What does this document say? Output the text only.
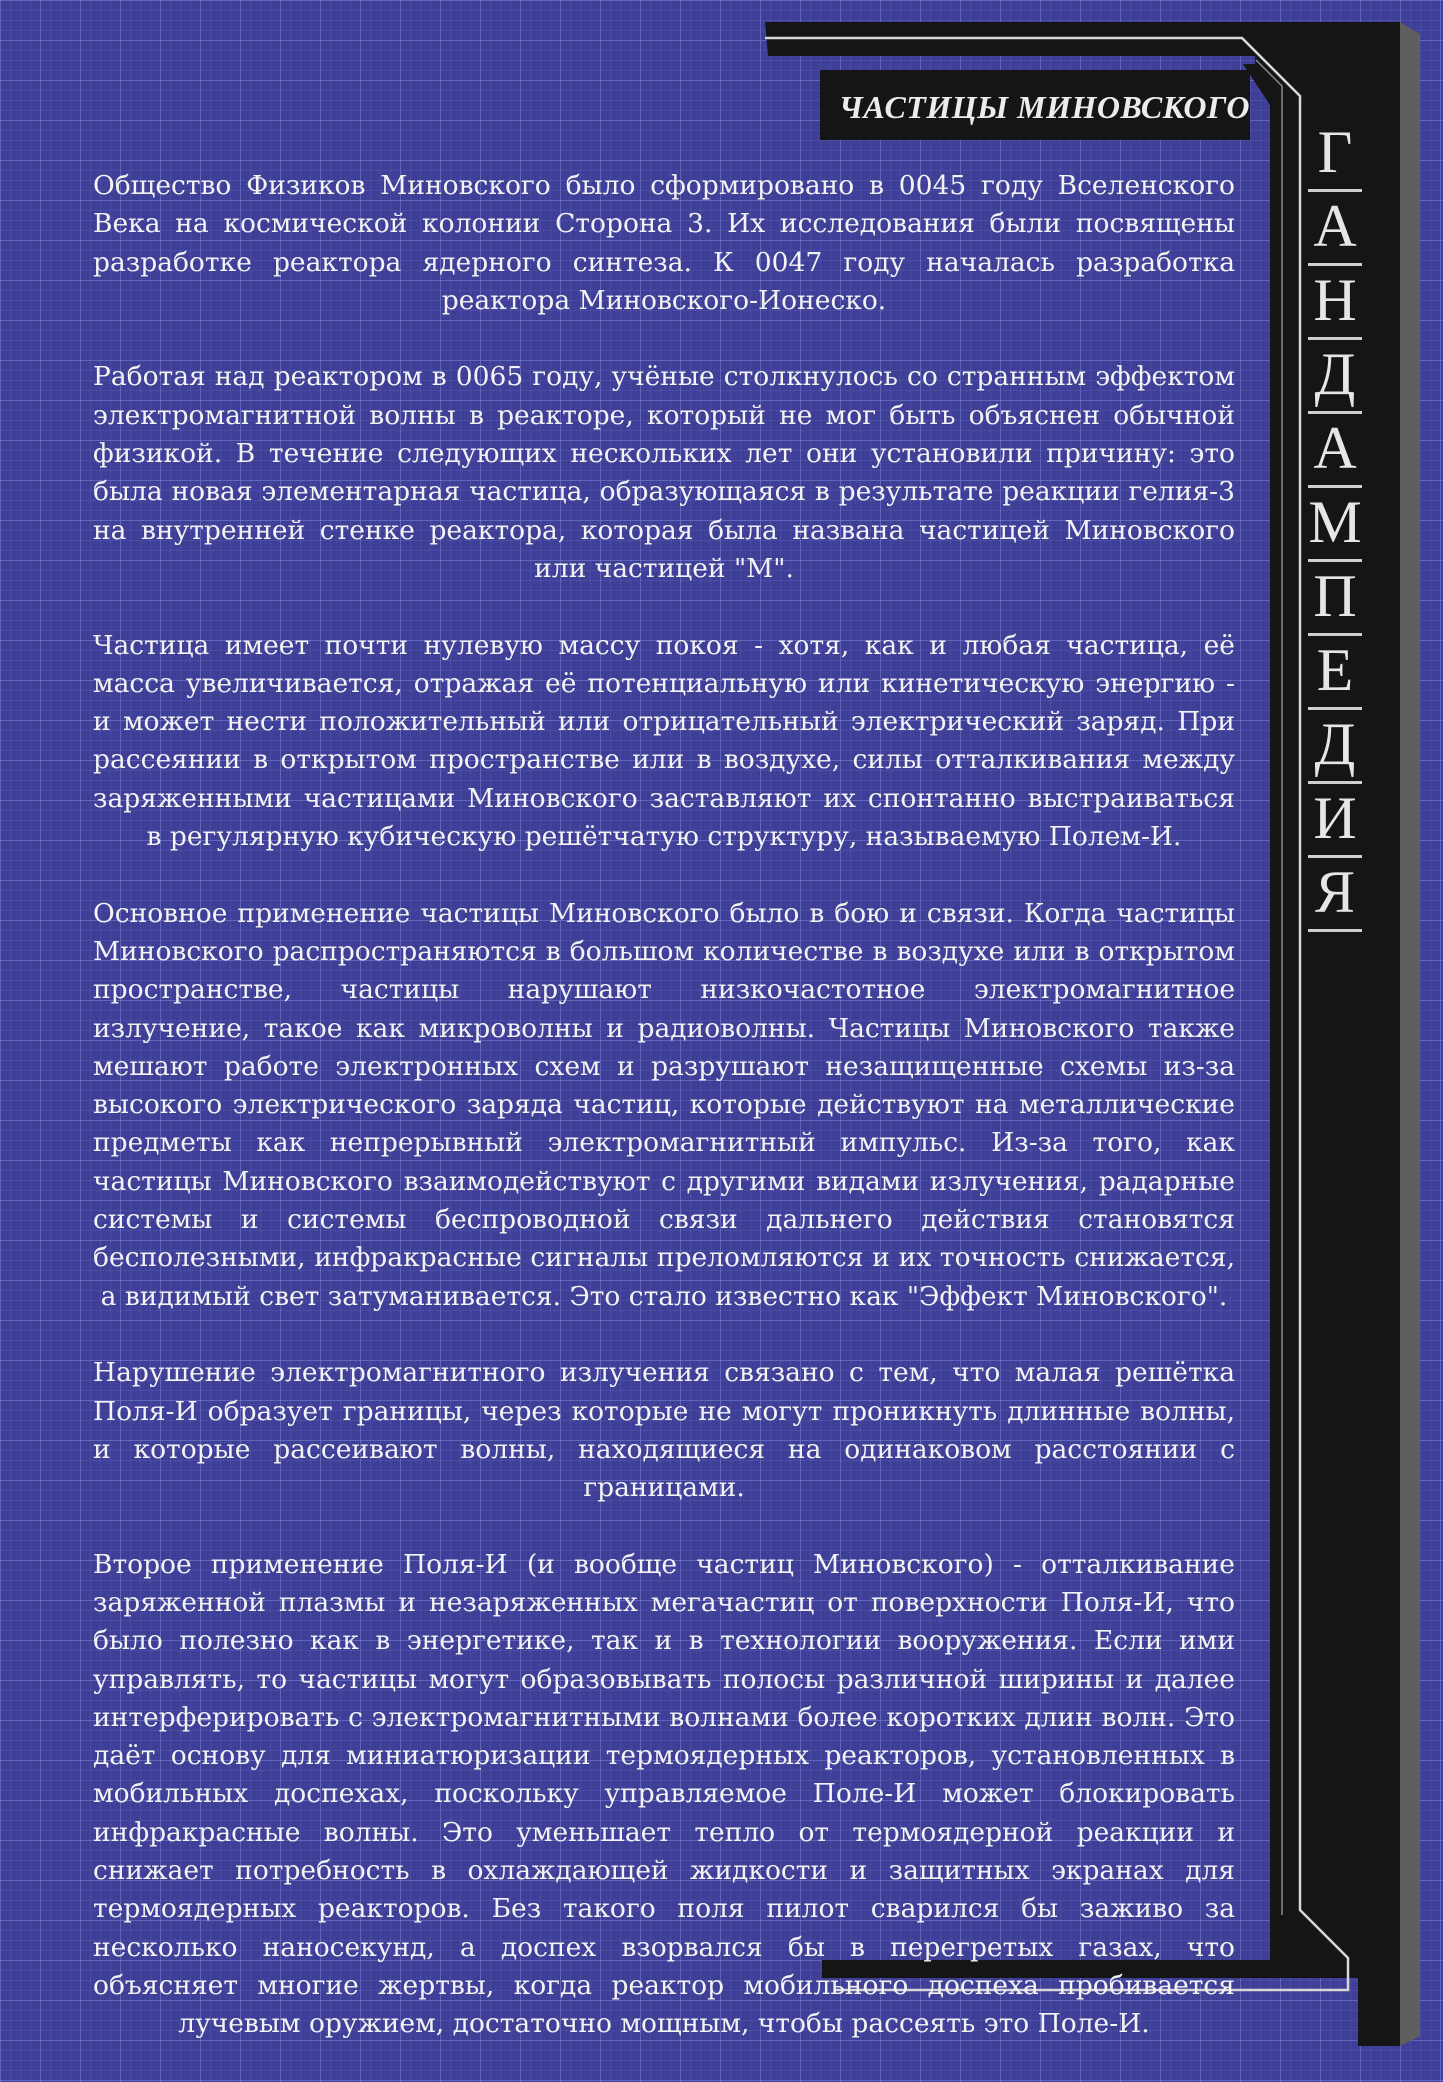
ЧАСТИЦЫ МИНОВСКОГО
Г
А
Н
Д
А
М
П
Е
Д
И
Я

Общество Физиков Миновского было сформировано в 0045 году Вселенского Века на космической колонии Сторона 3. Их исследования были посвящены разработке реактора ядерного синтеза. К 0047 году началась разработка реактора Миновского-Ионеско.

Работая над реактором в 0065 году, учёные столкнулось со странным эффектом электромагнитной волны в реакторе, который не мог быть объяснен обычной физикой. В течение следующих нескольких лет они установили причину: это была новая элементарная частица, образующаяся в результате реакции гелия-3 на внутренней стенке реактора, которая была названа частицей Миновского или частицей "М".

Частица имеет почти нулевую массу покоя - хотя, как и любая частица, её масса увеличивается, отражая её потенциальную или кинетическую энергию - и может нести положительный или отрицательный электрический заряд. При рассеянии в открытом пространстве или в воздухе, силы отталкивания между заряженными частицами Миновского заставляют их спонтанно выстраиваться в регулярную кубическую решётчатую структуру, называемую Полем-И.

Основное применение частицы Миновского было в бою и связи. Когда частицы Миновского распространяются в большом количестве в воздухе или в открытом пространстве, частицы нарушают низкочастотное электромагнитное излучение, такое как микроволны и радиоволны. Частицы Миновского также мешают работе электронных схем и разрушают незащищенные схемы из-за высокого электрического заряда частиц, которые действуют на металлические предметы как непрерывный электромагнитный импульс. Из-за того, как частицы Миновского взаимодействуют с другими видами излучения, радарные системы и системы беспроводной связи дальнего действия становятся бесполезными, инфракрасные сигналы преломляются и их точность снижается, а видимый свет затуманивается. Это стало известно как "Эффект Миновского".

Нарушение электромагнитного излучения связано с тем, что малая решётка Поля-И образует границы, через которые не могут проникнуть длинные волны, и которые рассеивают волны, находящиеся на одинаковом расстоянии с границами.

Второе применение Поля-И (и вообще частиц Миновского) - отталкивание заряженной плазмы и незаряженных мегачастиц от поверхности Поля-И, что было полезно как в энергетике, так и в технологии вооружения. Если ими управлять, то частицы могут образовывать полосы различной ширины и далее интерферировать с электромагнитными волнами более коротких длин волн. Это даёт основу для миниатюризации термоядерных реакторов, установленных в мобильных доспехах, поскольку управляемое Поле-И может блокировать инфракрасные волны. Это уменьшает тепло от термоядерной реакции и снижает потребность в охлаждающей жидкости и защитных экранах для термоядерных реакторов. Без такого поля пилот сварился бы заживо за несколько наносекунд, а доспех взорвался бы в перегретых газах, что объясняет многие жертвы, когда реактор мобильного доспеха пробивается лучевым оружием, достаточно мощным, чтобы рассеять это Поле-И.
